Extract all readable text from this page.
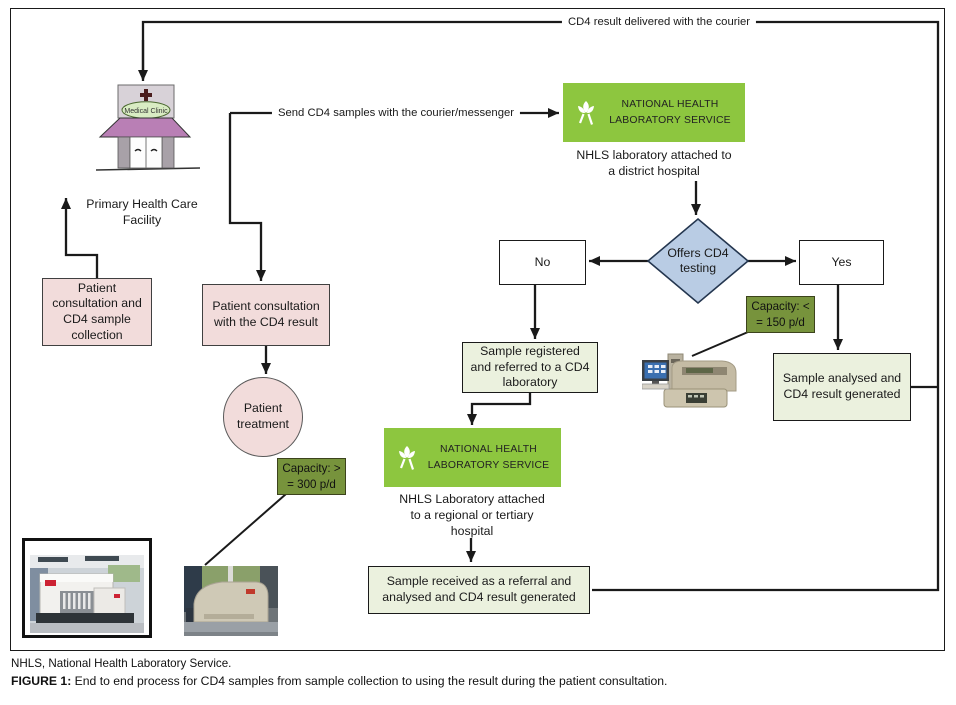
CD4 result delivered with the courier
Send CD4 samples with the courier/messenger
Medical Clinic
Primary Health Care Facility
Patient consultation and CD4 sample collection
Patient consultation with the CD4 result
Patient treatment
NATIONAL HEALTH LABORATORY SERVICE
NHLS laboratory attached to a district hospital
Offers CD4 testing
No	Yes
Capacity: < = 150 p/d
Capacity: > = 300 p/d
Sample registered and referred to a CD4 laboratory	Sample analysed and CD4 result generated
Sample received as a referral and analysed and CD4 result generated
NATIONAL HEALTH LABORATORY SERVICE
NHLS Laboratory attached to a regional or tertiary hospital
NHLS, National Health Laboratory Service.
FIGURE 1: End to end process for CD4 samples from sample collection to using the result during the patient consultation.
